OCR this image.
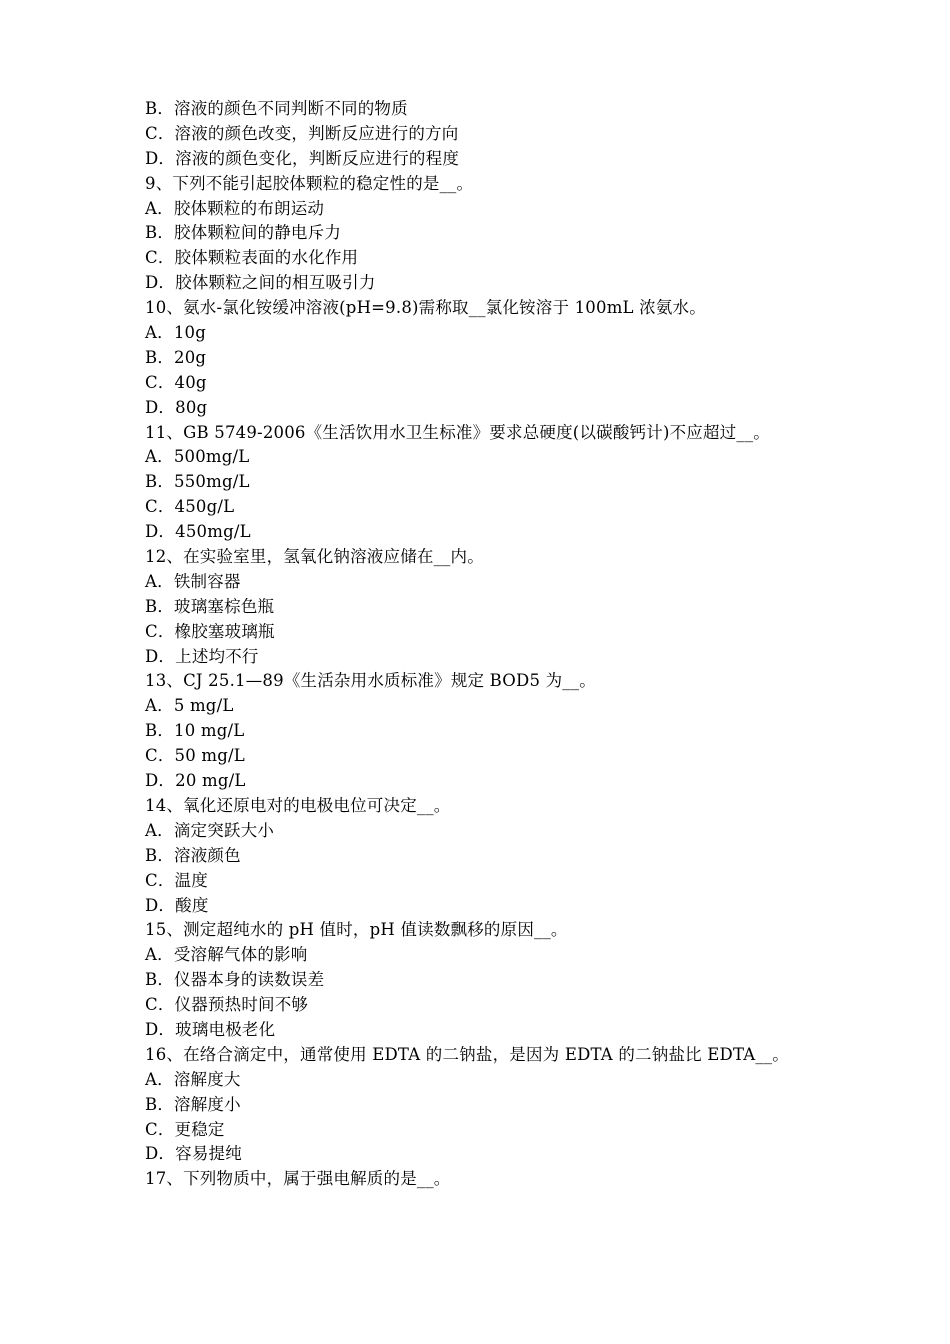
B．溶液的颜色不同判断不同的物质
C．溶液的颜色改变，判断反应进行的方向
D．溶液的颜色变化，判断反应进行的程度
9、下列不能引起胶体颗粒的稳定性的是__。
A．胶体颗粒的布朗运动
B．胶体颗粒间的静电斥力
C．胶体颗粒表面的水化作用
D．胶体颗粒之间的相互吸引力
10、氨水-氯化铵缓冲溶液(pH=9.8)需称取__氯化铵溶于 100mL 浓氨水。
A．10g
B．20g
C．40g
D．80g
11、GB 5749-2006《生活饮用水卫生标准》要求总硬度(以碳酸钙计)不应超过__。
A．500mg/L
B．550mg/L
C．450g/L
D．450mg/L
12、在实验室里，氢氧化钠溶液应储在__内。
A．铁制容器
B．玻璃塞棕色瓶
C．橡胶塞玻璃瓶
D．上述均不行
13、CJ 25.1—89《生活杂用水质标准》规定 BOD5 为__。
A．5 mg/L
B．10 mg/L
C．50 mg/L
D．20 mg/L
14、氧化还原电对的电极电位可决定__。
A．滴定突跃大小
B．溶液颜色
C．温度
D．酸度
15、测定超纯水的 pH 值时，pH 值读数飘移的原因__。
A．受溶解气体的影响
B．仪器本身的读数误差
C．仪器预热时间不够
D．玻璃电极老化
16、在络合滴定中，通常使用 EDTA 的二钠盐，是因为 EDTA 的二钠盐比 EDTA__。
A．溶解度大
B．溶解度小
C．更稳定
D．容易提纯
17、下列物质中，属于强电解质的是__。
